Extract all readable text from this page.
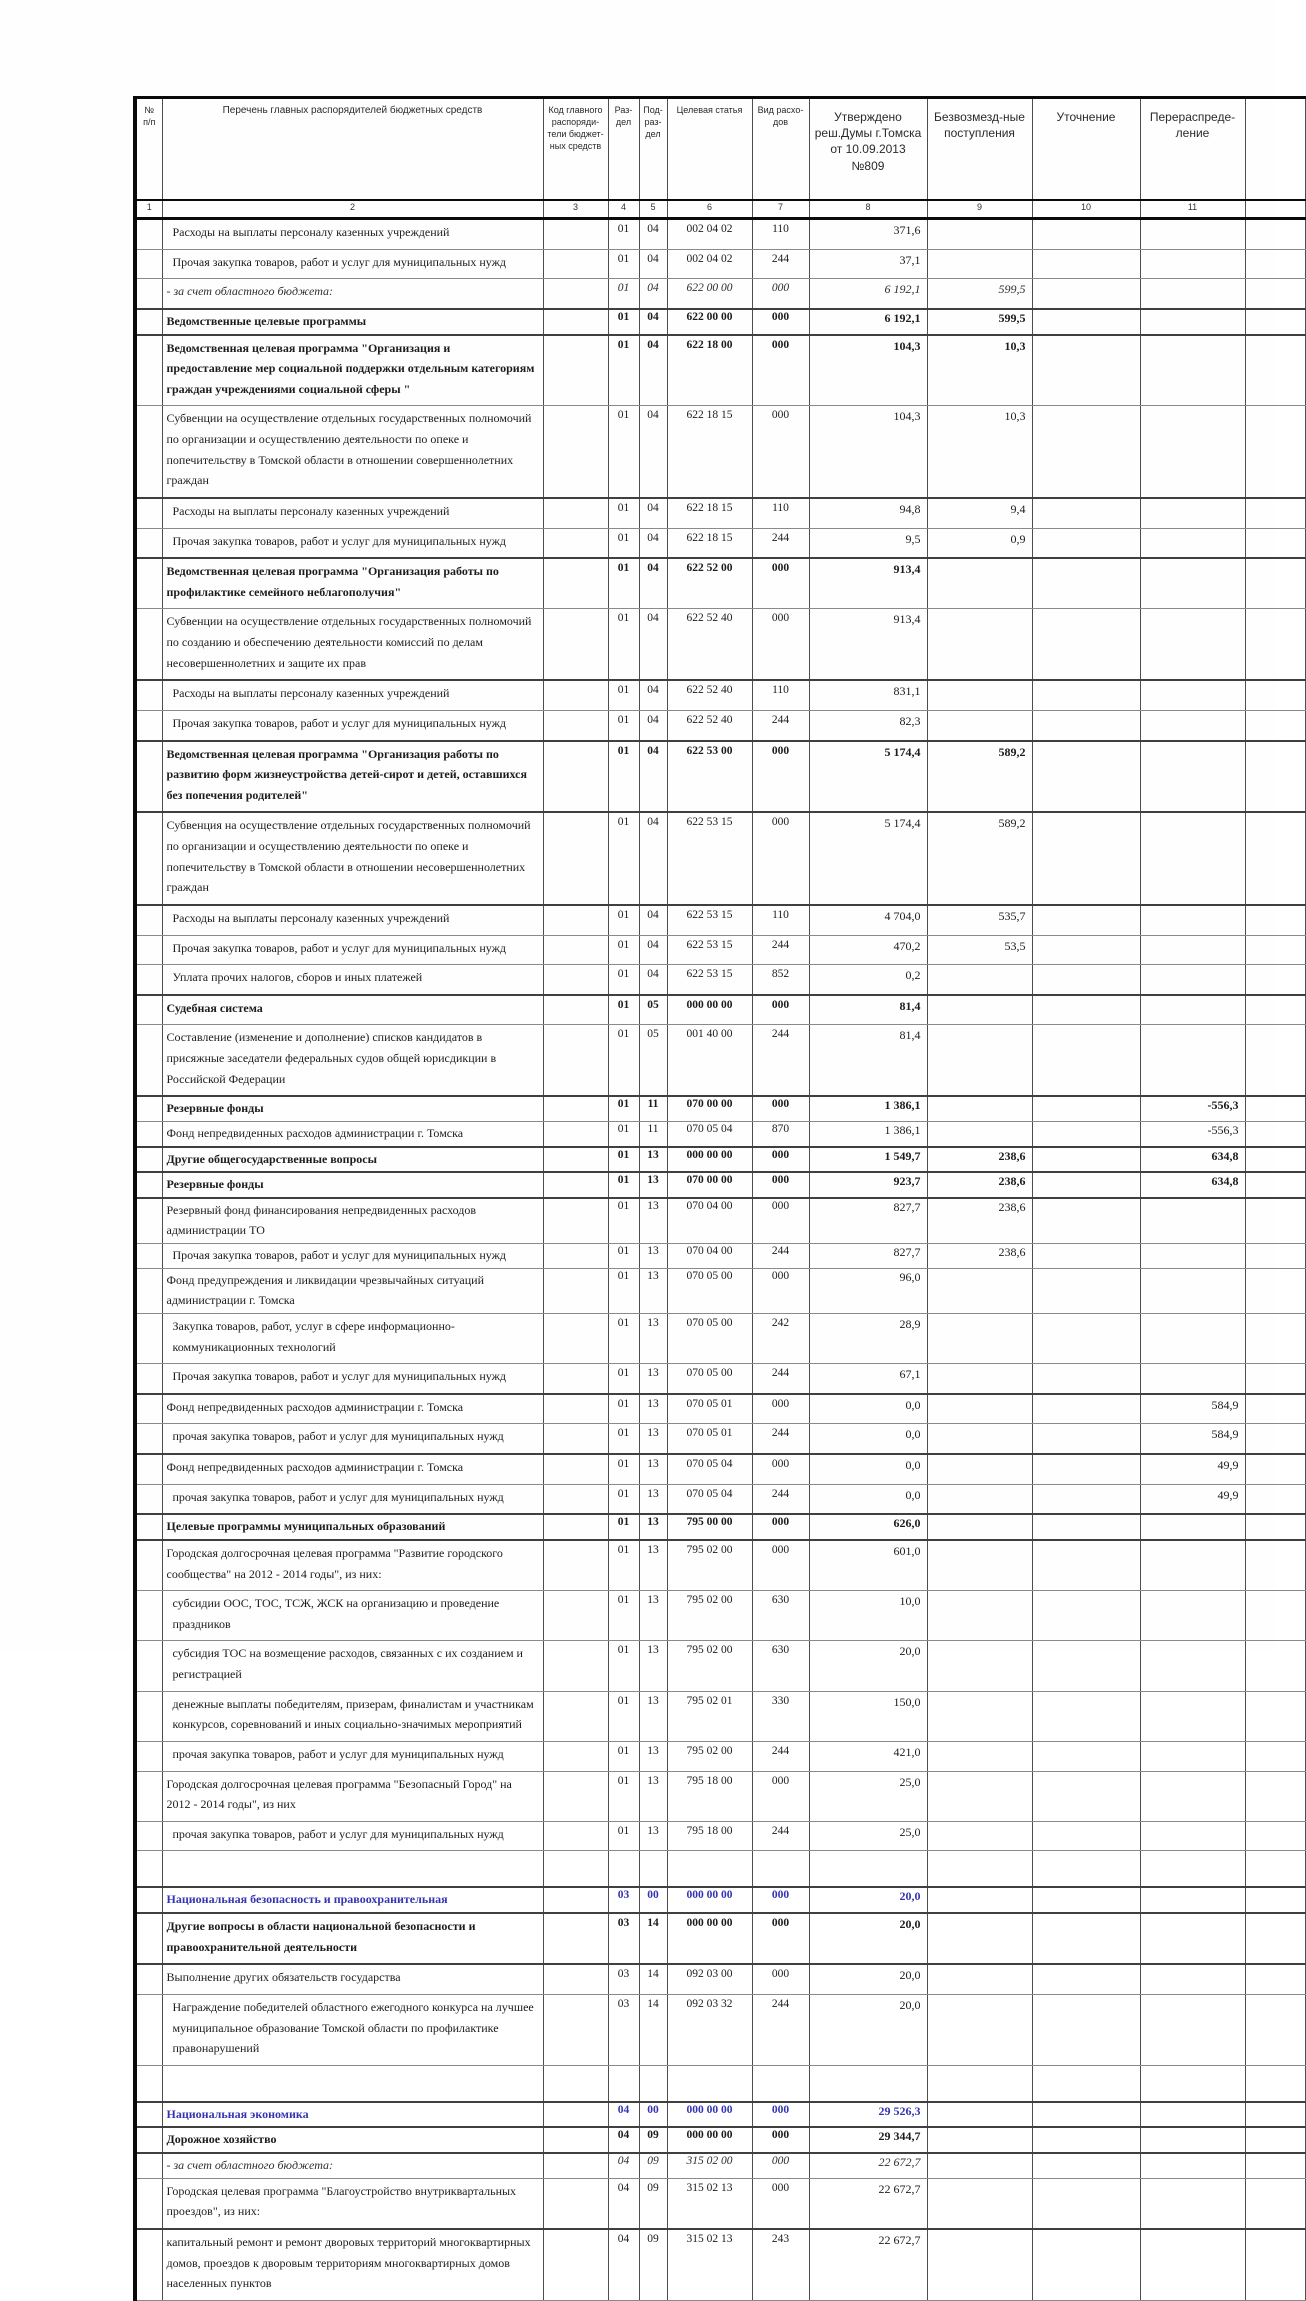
№ п/п	Перечень главных распорядителей бюджетных средств	Код главного распоряди-тели бюджет-ных средств	Раз-дел	Под-раз-дел	Целевая статья	Вид расхо-дов	Утверждено реш.Думы г.Томска от 10.09.2013 №809	Безвозмезд-ные поступления	Уточнение	Перераспреде-ление	
1	2	3	4	5	6	7	8	9	10	11	
	Расходы на выплаты персоналу казенных учреждений		01	04	002 04 02	110	371,6				
	Прочая закупка товаров, работ и услуг для муниципальных нужд		01	04	002 04 02	244	37,1				
	- за счет областного бюджета:		01	04	622 00 00	000	6 192,1	599,5			
	Ведомственные целевые программы		01	04	622 00 00	000	6 192,1	599,5			
	Ведомственная целевая программа "Организация и предоставление мер социальной поддержки отдельным категориям граждан учреждениями социальной сферы "		01	04	622 18 00	000	104,3	10,3			
	Субвенции на осуществление отдельных государственных полномочий по организации и осуществлению деятельности по опеке и попечительству в Томской области в отношении совершеннолетних граждан		01	04	622 18 15	000	104,3	10,3			
	Расходы на выплаты персоналу казенных учреждений		01	04	622 18 15	110	94,8	9,4			
	Прочая закупка товаров, работ и услуг для муниципальных нужд		01	04	622 18 15	244	9,5	0,9			
	Ведомственная целевая программа "Организация работы по профилактике семейного неблагополучия"		01	04	622 52 00	000	913,4				
	Субвенции на осуществление отдельных государственных полномочий по созданию и обеспечению деятельности комиссий по делам несовершеннолетних и защите их прав		01	04	622 52 40	000	913,4				
	Расходы на выплаты персоналу казенных учреждений		01	04	622 52 40	110	831,1				
	Прочая закупка товаров, работ и услуг для муниципальных нужд		01	04	622 52 40	244	82,3				
	Ведомственная целевая программа "Организация работы по развитию форм жизнеустройства детей-сирот и детей, оставшихся без попечения родителей"		01	04	622 53 00	000	5 174,4	589,2			
	Субвенция на осуществление отдельных государственных полномочий по организации и осуществлению деятельности по опеке и попечительству в Томской области в отношении несовершеннолетних граждан		01	04	622 53 15	000	5 174,4	589,2			
	Расходы на выплаты персоналу казенных учреждений		01	04	622 53 15	110	4 704,0	535,7			
	Прочая закупка товаров, работ и услуг для муниципальных нужд		01	04	622 53 15	244	470,2	53,5			
	Уплата прочих налогов, сборов и иных платежей		01	04	622 53 15	852	0,2				
	Судебная система		01	05	000 00 00	000	81,4				
	Составление (изменение и дополнение) списков кандидатов в присяжные заседатели федеральных судов общей юрисдикции в Российской Федерации		01	05	001 40 00	244	81,4				
	Резервные фонды		01	11	070 00 00	000	1 386,1			-556,3	
	Фонд непредвиденных расходов администрации г. Томска		01	11	070 05 04	870	1 386,1			-556,3	
	Другие общегосударственные вопросы		01	13	000 00 00	000	1 549,7	238,6		634,8	
	Резервные фонды		01	13	070 00 00	000	923,7	238,6		634,8	
	Резервный фонд финансирования непредвиденных расходов администрации ТО		01	13	070 04 00	000	827,7	238,6			
	Прочая закупка товаров, работ и услуг для муниципальных нужд		01	13	070 04 00	244	827,7	238,6			
	Фонд предупреждения и ликвидации чрезвычайных ситуаций администрации г. Томска		01	13	070 05 00	000	96,0				
	Закупка товаров, работ, услуг в сфере информационно-коммуникационных технологий		01	13	070 05 00	242	28,9				
	Прочая закупка товаров, работ и услуг для муниципальных нужд		01	13	070 05 00	244	67,1				
	Фонд непредвиденных расходов администрации г. Томска		01	13	070 05 01	000	0,0			584,9	
	прочая закупка товаров, работ и услуг для муниципальных нужд		01	13	070 05 01	244	0,0			584,9	
	Фонд непредвиденных расходов администрации г. Томска		01	13	070 05 04	000	0,0			49,9	
	прочая закупка товаров, работ и услуг для муниципальных нужд		01	13	070 05 04	244	0,0			49,9	
	Целевые программы муниципальных образований		01	13	795 00 00	000	626,0				
	Городская долгосрочная целевая программа "Развитие городского сообщества" на 2012 - 2014 годы", из них:		01	13	795 02 00	000	601,0				
	субсидии ООС, ТОС, ТСЖ, ЖСК на организацию и проведение праздников		01	13	795 02 00	630	10,0				
	субсидия ТОС на возмещение расходов, связанных с их созданием и регистрацией		01	13	795 02 00	630	20,0				
	денежные выплаты победителям, призерам, финалистам и участникам конкурсов, соревнований и иных социально-значимых мероприятий		01	13	795 02 01	330	150,0				
	прочая закупка товаров, работ и услуг для муниципальных нужд		01	13	795 02 00	244	421,0				
	Городская долгосрочная целевая программа "Безопасный Город" на 2012 - 2014 годы", из них		01	13	795 18 00	000	25,0				
	прочая закупка товаров, работ и услуг для муниципальных нужд		01	13	795 18 00	244	25,0				

	Национальная безопасность и правоохранительная		03	00	000 00 00	000	20,0				
	Другие вопросы в области национальной безопасности и правоохранительной деятельности		03	14	000 00 00	000	20,0				
	Выполнение других обязательств государства		03	14	092 03 00	000	20,0				
	Награждение победителей областного ежегодного конкурса на лучшее муниципальное образование Томской области по профилактике правонарушений		03	14	092 03 32	244	20,0				

	Национальная экономика		04	00	000 00 00	000	29 526,3				
	Дорожное хозяйство		04	09	000 00 00	000	29 344,7				
	- за счет областного бюджета:		04	09	315 02 00	000	22 672,7				
	Городская целевая программа "Благоустройство внутриквартальных проездов", из них:		04	09	315 02 13	000	22 672,7				
	капитальный ремонт и ремонт дворовых территорий многоквартирных домов, проездов к дворовым территориям многоквартирных домов населенных пунктов		04	09	315 02 13	243	22 672,7				
